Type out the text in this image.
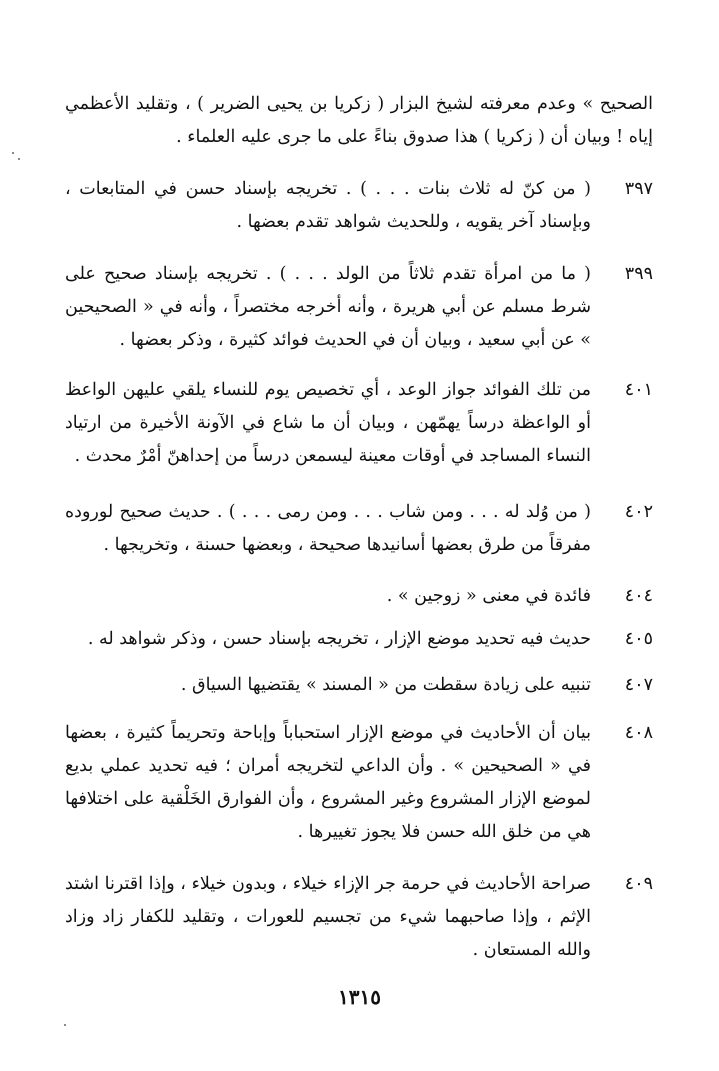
الصحيح » وعدم معرفته لشيخ البزار ( زكريا بن يحيى الضرير ) ، وتقليد الأعظمي إياه ! وبيان أن ( زكريا ) هذا صدوق بناءً على ما جرى عليه العلماء .

٣٩٧

( من كنّ له ثلاث بنات . . . ) . تخريجه بإسناد حسن في المتابعات ، وبإسناد آخر يقويه ، وللحديث شواهد تقدم بعضها .

٣٩٩

( ما من امرأة تقدم ثلاثاً من الولد . . . ) . تخريجه بإسناد صحيح على شرط مسلم عن أبي هريرة ، وأنه أخرجه مختصراً ، وأنه في « الصحيحين » عن أبي سعيد ، وبيان أن في الحديث فوائد كثيرة ، وذكر بعضها .

٤٠١

من تلك الفوائد جواز الوعد ، أي تخصيص يوم للنساء يلقي عليهن الواعظ أو الواعظة درساً يهمّهن ، وبيان أن ما شاع في الآونة الأخيرة من ارتياد النساء المساجد في أوقات معينة ليسمعن درساً من إحداهنّ أمْرٌ محدث .

٤٠٢

( من وُلد له . . . ومن شاب . . . ومن رمى . . . ) . حديث صحيح لوروده مفرقاً من طرق بعضها أسانيدها صحيحة ، وبعضها حسنة ، وتخريجها .

٤٠٤

فائدة في معنى « زوجين » .

٤٠٥

حديث فيه تحديد موضع الإزار ، تخريجه بإسناد حسن ، وذكر شواهد له .

٤٠٧

تنبيه على زيادة سقطت من « المسند » يقتضيها السياق .

٤٠٨

بيان أن الأحاديث في موضع الإزار استحباباً وإباحة وتحريماً كثيرة ، بعضها في « الصحيحين » . وأن الداعي لتخريجه أمران ؛ فيه تحديد عملي بديع لموضع الإزار المشروع وغير المشروع ، وأن الفوارق الخَلْقية على اختلافها هي من خلق الله حسن فلا يجوز تغييرها .

٤٠٩

صراحة الأحاديث في حرمة جر الإزاء خيلاء ، وبدون خيلاء ، وإذا اقترنا اشتد الإثم ، وإذا صاحبهما شيء من تجسيم للعورات ، وتقليد للكفار زاد وزاد والله المستعان .

١٣١٥
